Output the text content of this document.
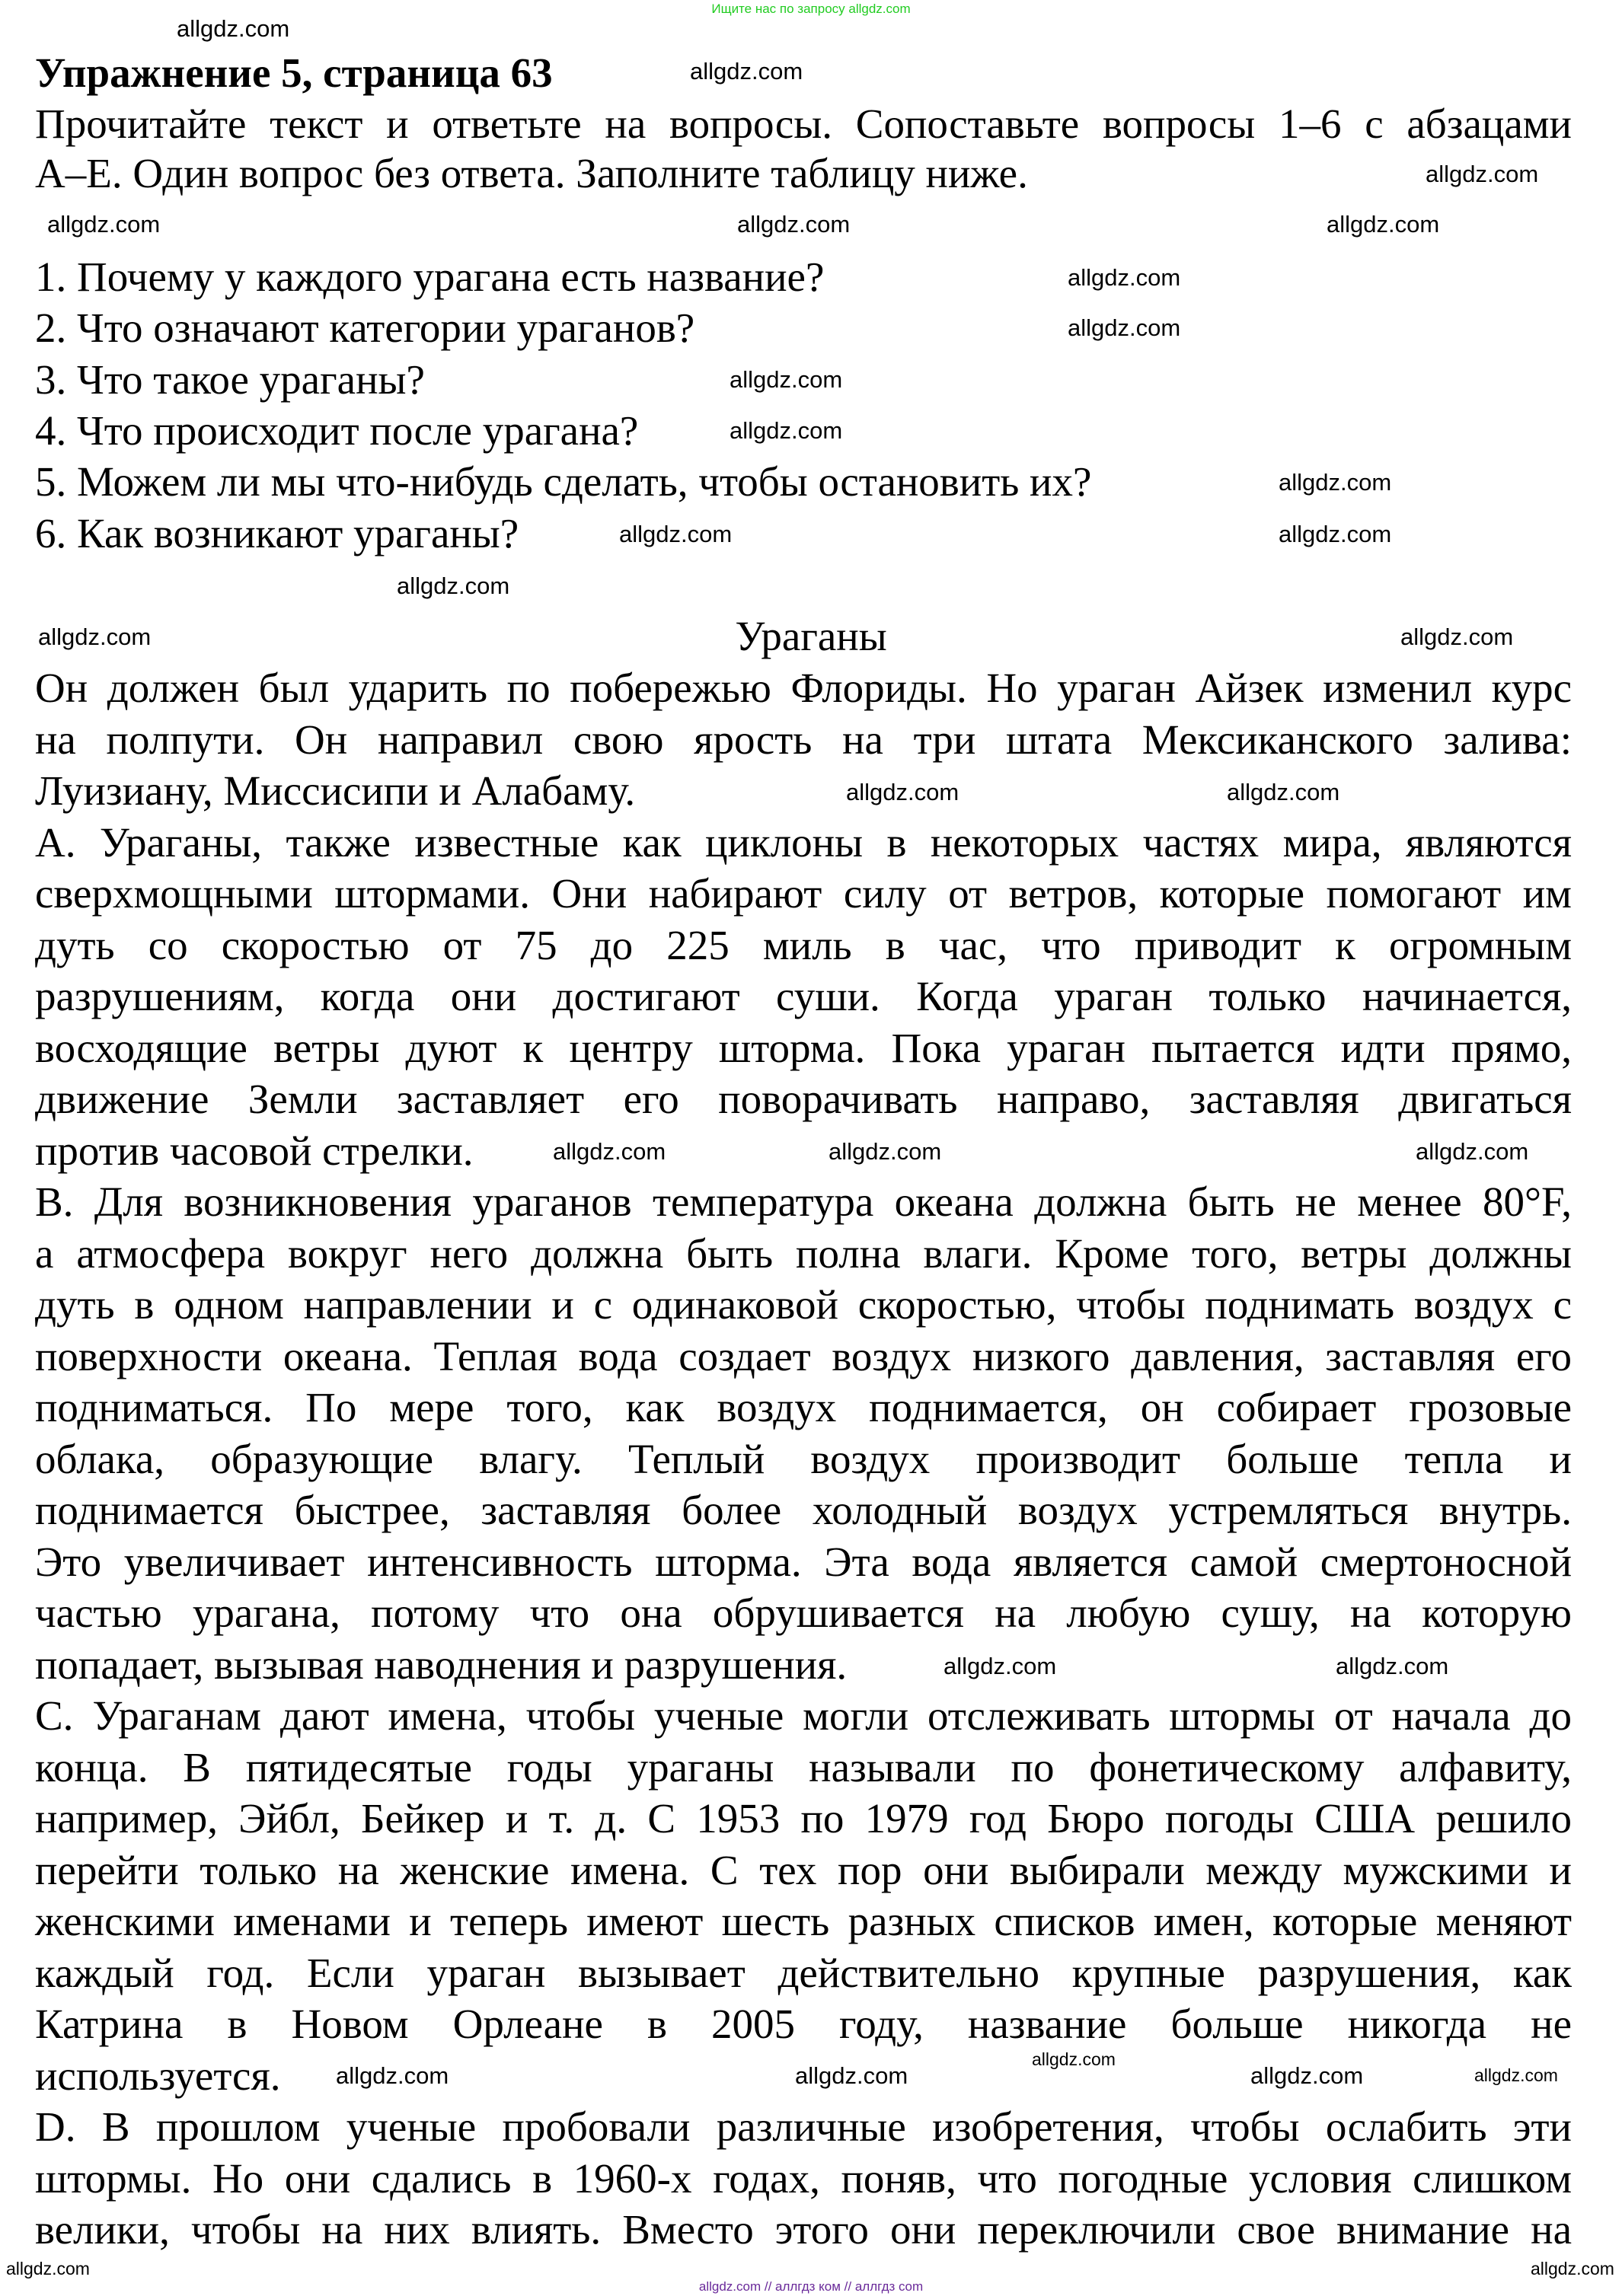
Ищите нас по запросу allgdz.com
Упражнение 5, страница 63
Прочитайте текст и ответьте на вопросы. Сопоставьте вопросы 1–6 с абзацами
А–Е. Один вопрос без ответа. Заполните таблицу ниже.
1. Почему у каждого урагана есть название?
2. Что означают категории ураганов?
3. Что такое ураганы?
4. Что происходит после урагана?
5. Можем ли мы что-нибудь сделать, чтобы остановить их?
6. Как возникают ураганы?
Ураганы
Он должен был ударить по побережью Флориды. Но ураган Айзек изменил курс
на полпути. Он направил свою ярость на три штата Мексиканского залива:
Луизиану, Миссисипи и Алабаму.
A. Ураганы, также известные как циклоны в некоторых частях мира, являются
сверхмощными штормами. Они набирают силу от ветров, которые помогают им
дуть со скоростью от 75 до 225 миль в час, что приводит к огромным
разрушениям, когда они достигают суши. Когда ураган только начинается,
восходящие ветры дуют к центру шторма. Пока ураган пытается идти прямо,
движение Земли заставляет его поворачивать направо, заставляя двигаться
против часовой стрелки.
B. Для возникновения ураганов температура океана должна быть не менее 80°F,
а атмосфера вокруг него должна быть полна влаги. Кроме того, ветры должны
дуть в одном направлении и с одинаковой скоростью, чтобы поднимать воздух с
поверхности океана. Теплая вода создает воздух низкого давления, заставляя его
подниматься. По мере того, как воздух поднимается, он собирает грозовые
облака, образующие влагу. Теплый воздух производит больше тепла и
поднимается быстрее, заставляя более холодный воздух устремляться внутрь.
Это увеличивает интенсивность шторма. Эта вода является самой смертоносной
частью урагана, потому что она обрушивается на любую сушу, на которую
попадает, вызывая наводнения и разрушения.
C. Ураганам дают имена, чтобы ученые могли отслеживать штормы от начала до
конца. В пятидесятые годы ураганы называли по фонетическому алфавиту,
например, Эйбл, Бейкер и т. д. С 1953 по 1979 год Бюро погоды США решило
перейти только на женские имена. С тех пор они выбирали между мужскими и
женскими именами и теперь имеют шесть разных списков имен, которые меняют
каждый год. Если ураган вызывает действительно крупные разрушения, как
Катрина в Новом Орлеане в 2005 году, название больше никогда не
используется.
D. В прошлом ученые пробовали различные изобретения, чтобы ослабить эти
штормы. Но они сдались в 1960-х годах, поняв, что погодные условия слишком
велики, чтобы на них влиять. Вместо этого они переключили свое внимание на
allgdz.com
allgdz.com
allgdz.com
allgdz.com	allgdz.com	allgdz.com
allgdz.com
allgdz.com
allgdz.com
allgdz.com
allgdz.com
allgdz.com	allgdz.com
allgdz.com
allgdz.com	allgdz.com
allgdz.com	allgdz.com
allgdz.com	allgdz.com	allgdz.com
allgdz.com	allgdz.com
allgdz.com	allgdz.com	allgdz.com	allgdz.com
allgdz.com
allgdz.com	allgdz.com
allgdz.com // аллгдз ком // аллгдз com
